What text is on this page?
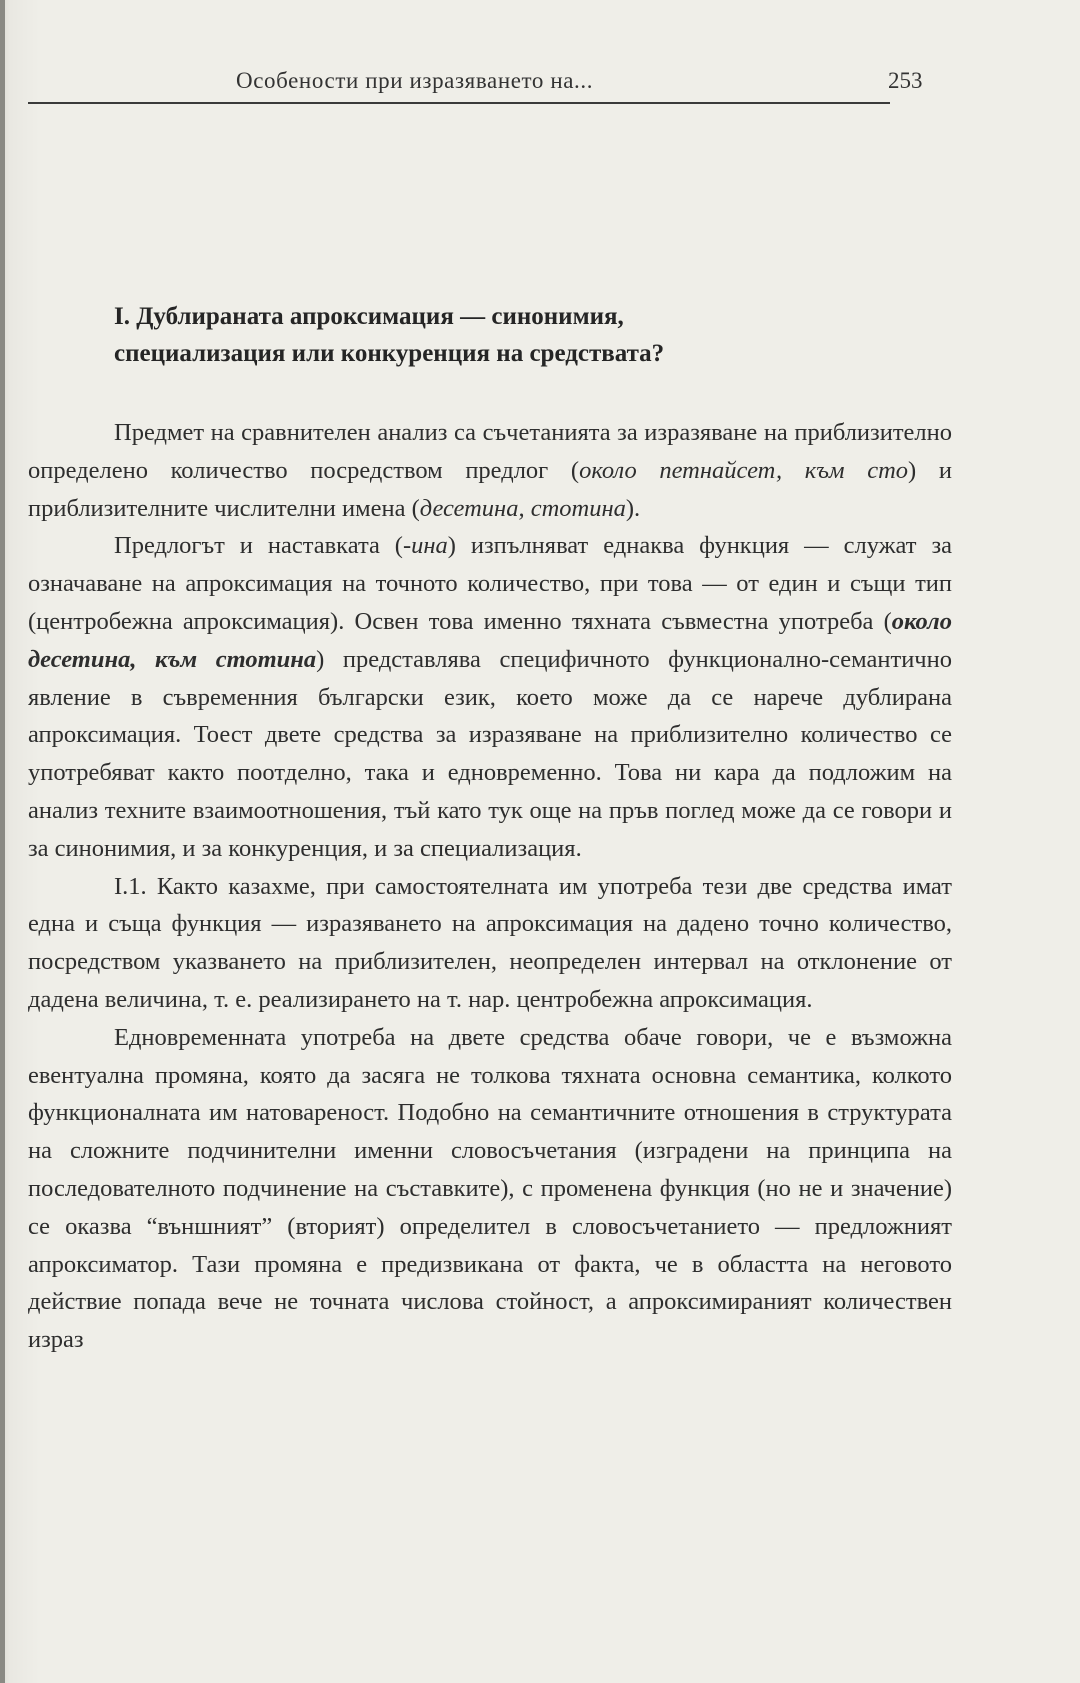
Особености при изразяването на...	253
I. Дублираната апроксимация — синонимия,
специализация или конкуренция на средствата?

Предмет на сравнителен анализ са съчетанията за изразяване на приблизително определено количество посредством предлог (около петнайсет, към сто) и приблизителните числителни имена (десетина, стотина).

Предлогът и наставката (-ина) изпълняват еднаква функция — служат за означаване на апроксимация на точното количество, при това — от един и същи тип (центробежна апроксимация). Освен това именно тяхната съвместна употреба (около десетина, към стотина) представлява специфичното функционално-семантично явление в съвременния български език, което може да се нарече дублирана апроксимация. Тоест двете средства за изразяване на приблизително количество се употребяват както поотделно, така и едновременно. Това ни кара да подложим на анализ техните взаимоотношения, тъй като тук още на пръв поглед може да се говори и за синонимия, и за конкуренция, и за специализация.

I.1. Както казахме, при самостоятелната им употреба тези две средства имат една и съща функция — изразяването на апроксимация на дадено точно количество, посредством указването на приблизителен, неопределен интервал на отклонение от дадена величина, т. е. реализирането на т. нар. центробежна апроксимация.

Едновременната употреба на двете средства обаче говори, че е възможна евентуална промяна, която да засяга не толкова тяхната основна семантика, колкото функционалната им натовареност. Подобно на семантичните отношения в структурата на сложните подчинителни именни словосъчетания (изградени на принципа на последователното подчинение на съставките), с променена функция (но не и значение) се оказва “външният” (вторият) определител в словосъчетанието — предложният апроксиматор. Тази промяна е предизвикана от факта, че в областта на неговото действие попада вече не точната числова стойност, а апроксимираният количествен израз
